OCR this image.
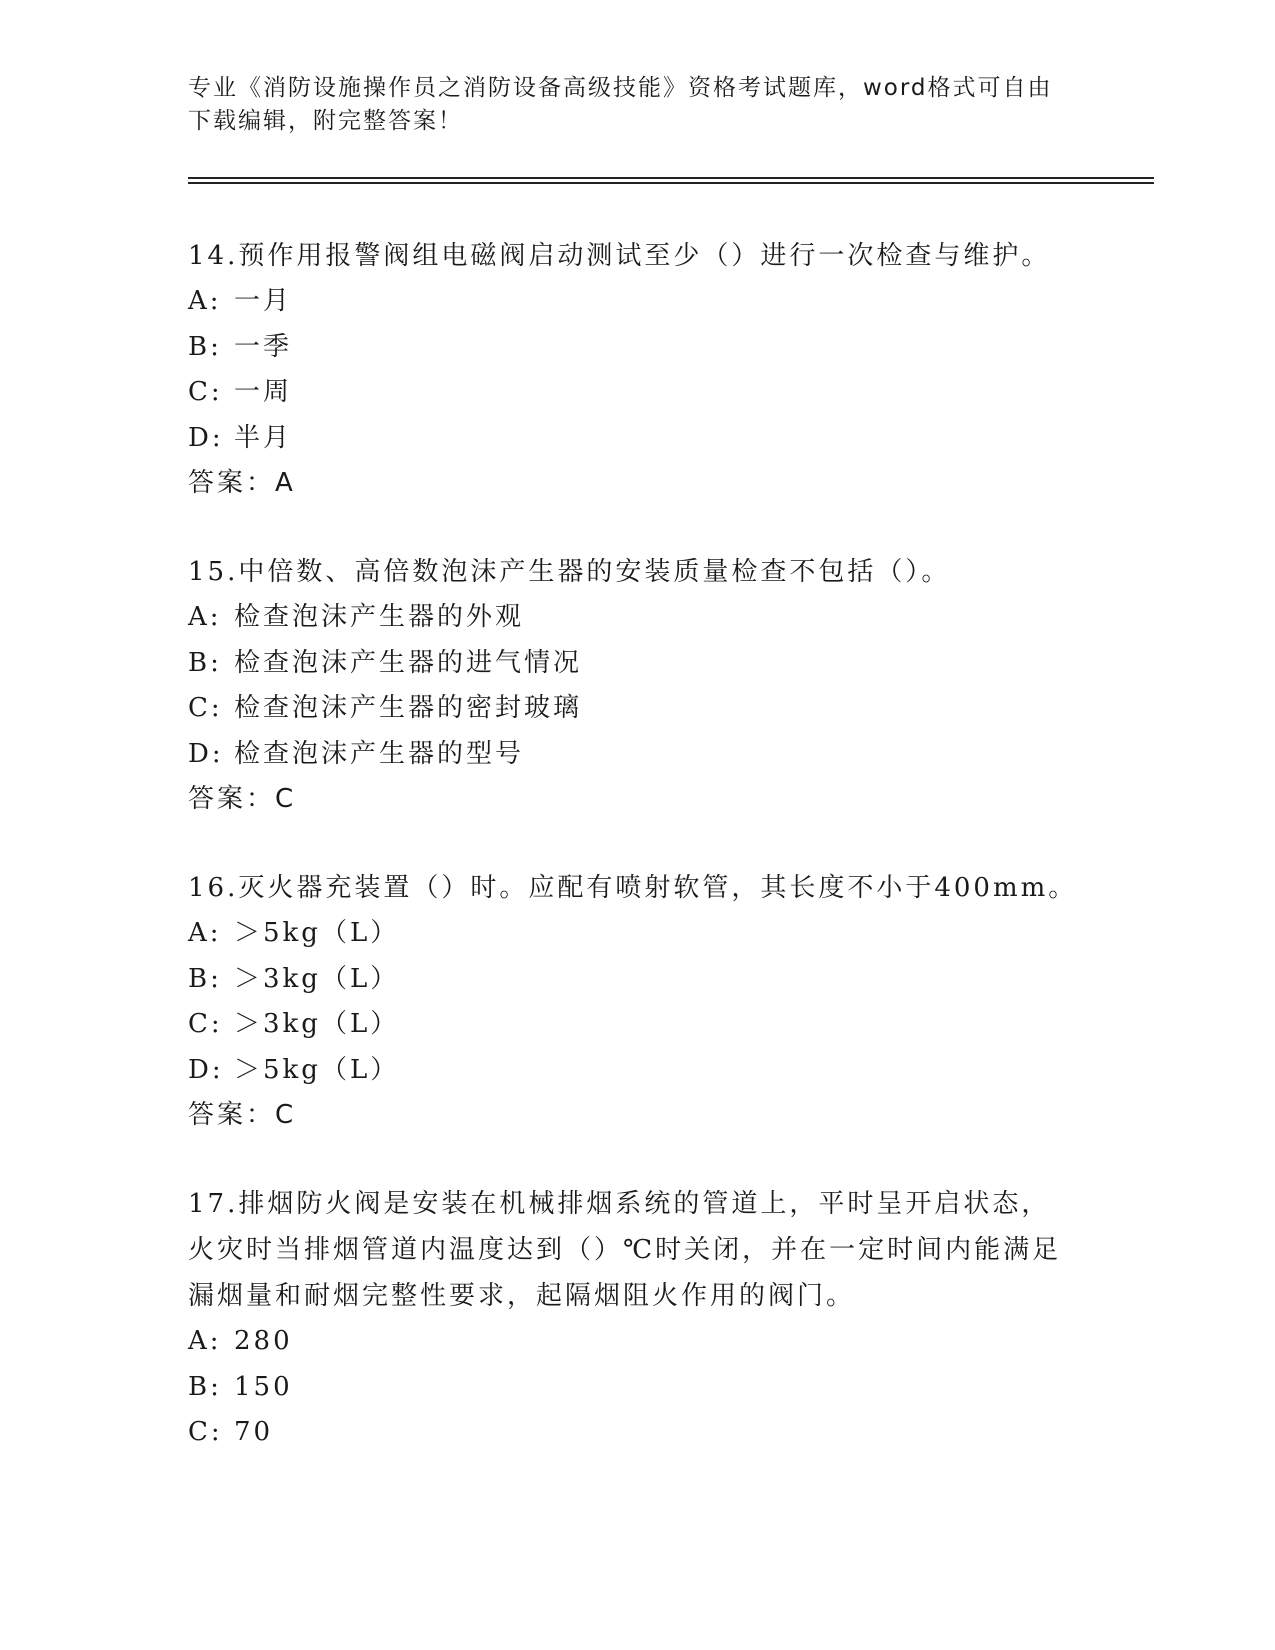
专业《消防设施操作员之消防设备高级技能》资格考试题库，word格式可自由下载编辑，附完整答案！

14.预作用报警阀组电磁阀启动测试至少（）进行一次检查与维护。

A: 一月

B: 一季

C: 一周

D: 半月

答案：A

15.中倍数、高倍数泡沫产生器的安装质量检查不包括（）。

A: 检查泡沫产生器的外观

B: 检查泡沫产生器的进气情况

C: 检查泡沫产生器的密封玻璃

D: 检查泡沫产生器的型号

答案：C

16.灭火器充装置（）时。应配有喷射软管，其长度不小于400mm。

A: ＞5kg（L）

B: ＞3kg（L）

C: ＞3kg（L）

D: ＞5kg（L）

答案：C

17.排烟防火阀是安装在机械排烟系统的管道上，平时呈开启状态，火灾时当排烟管道内温度达到（）℃时关闭，并在一定时间内能满足漏烟量和耐烟完整性要求，起隔烟阻火作用的阀门。

A: 280

B: 150

C: 70
